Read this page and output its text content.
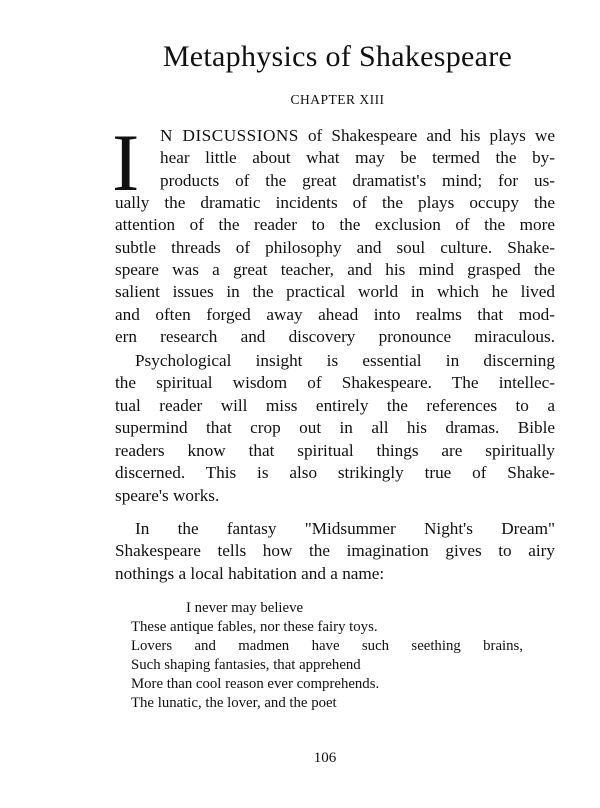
Metaphysics of Shakespeare
CHAPTER XIII
I N DISCUSSIONS of Shakespeare and his plays we
hear little about what may be termed the by-
products of the great dramatist's mind; for us-
ually the dramatic incidents of the plays occupy the
attention of the reader to the exclusion of the more
subtle threads of philosophy and soul culture. Shake-
speare was a great teacher, and his mind grasped the
salient issues in the practical world in which he lived
and often forged away ahead into realms that mod-
ern research and discovery pronounce miraculous.
Psychological insight is essential in discerning
the spiritual wisdom of Shakespeare. The intellec-
tual reader will miss entirely the references to a
supermind that crop out in all his dramas. Bible
readers know that spiritual things are spiritually
discerned. This is also strikingly true of Shake-
speare's works.
In the fantasy "Midsummer Night's Dream"
Shakespeare tells how the imagination gives to airy
nothings a local habitation and a name:
I never may believe
These antique fables, nor these fairy toys.
Lovers and madmen have such seething brains,
Such shaping fantasies, that apprehend
More than cool reason ever comprehends.
The lunatic, the lover, and the poet
106
